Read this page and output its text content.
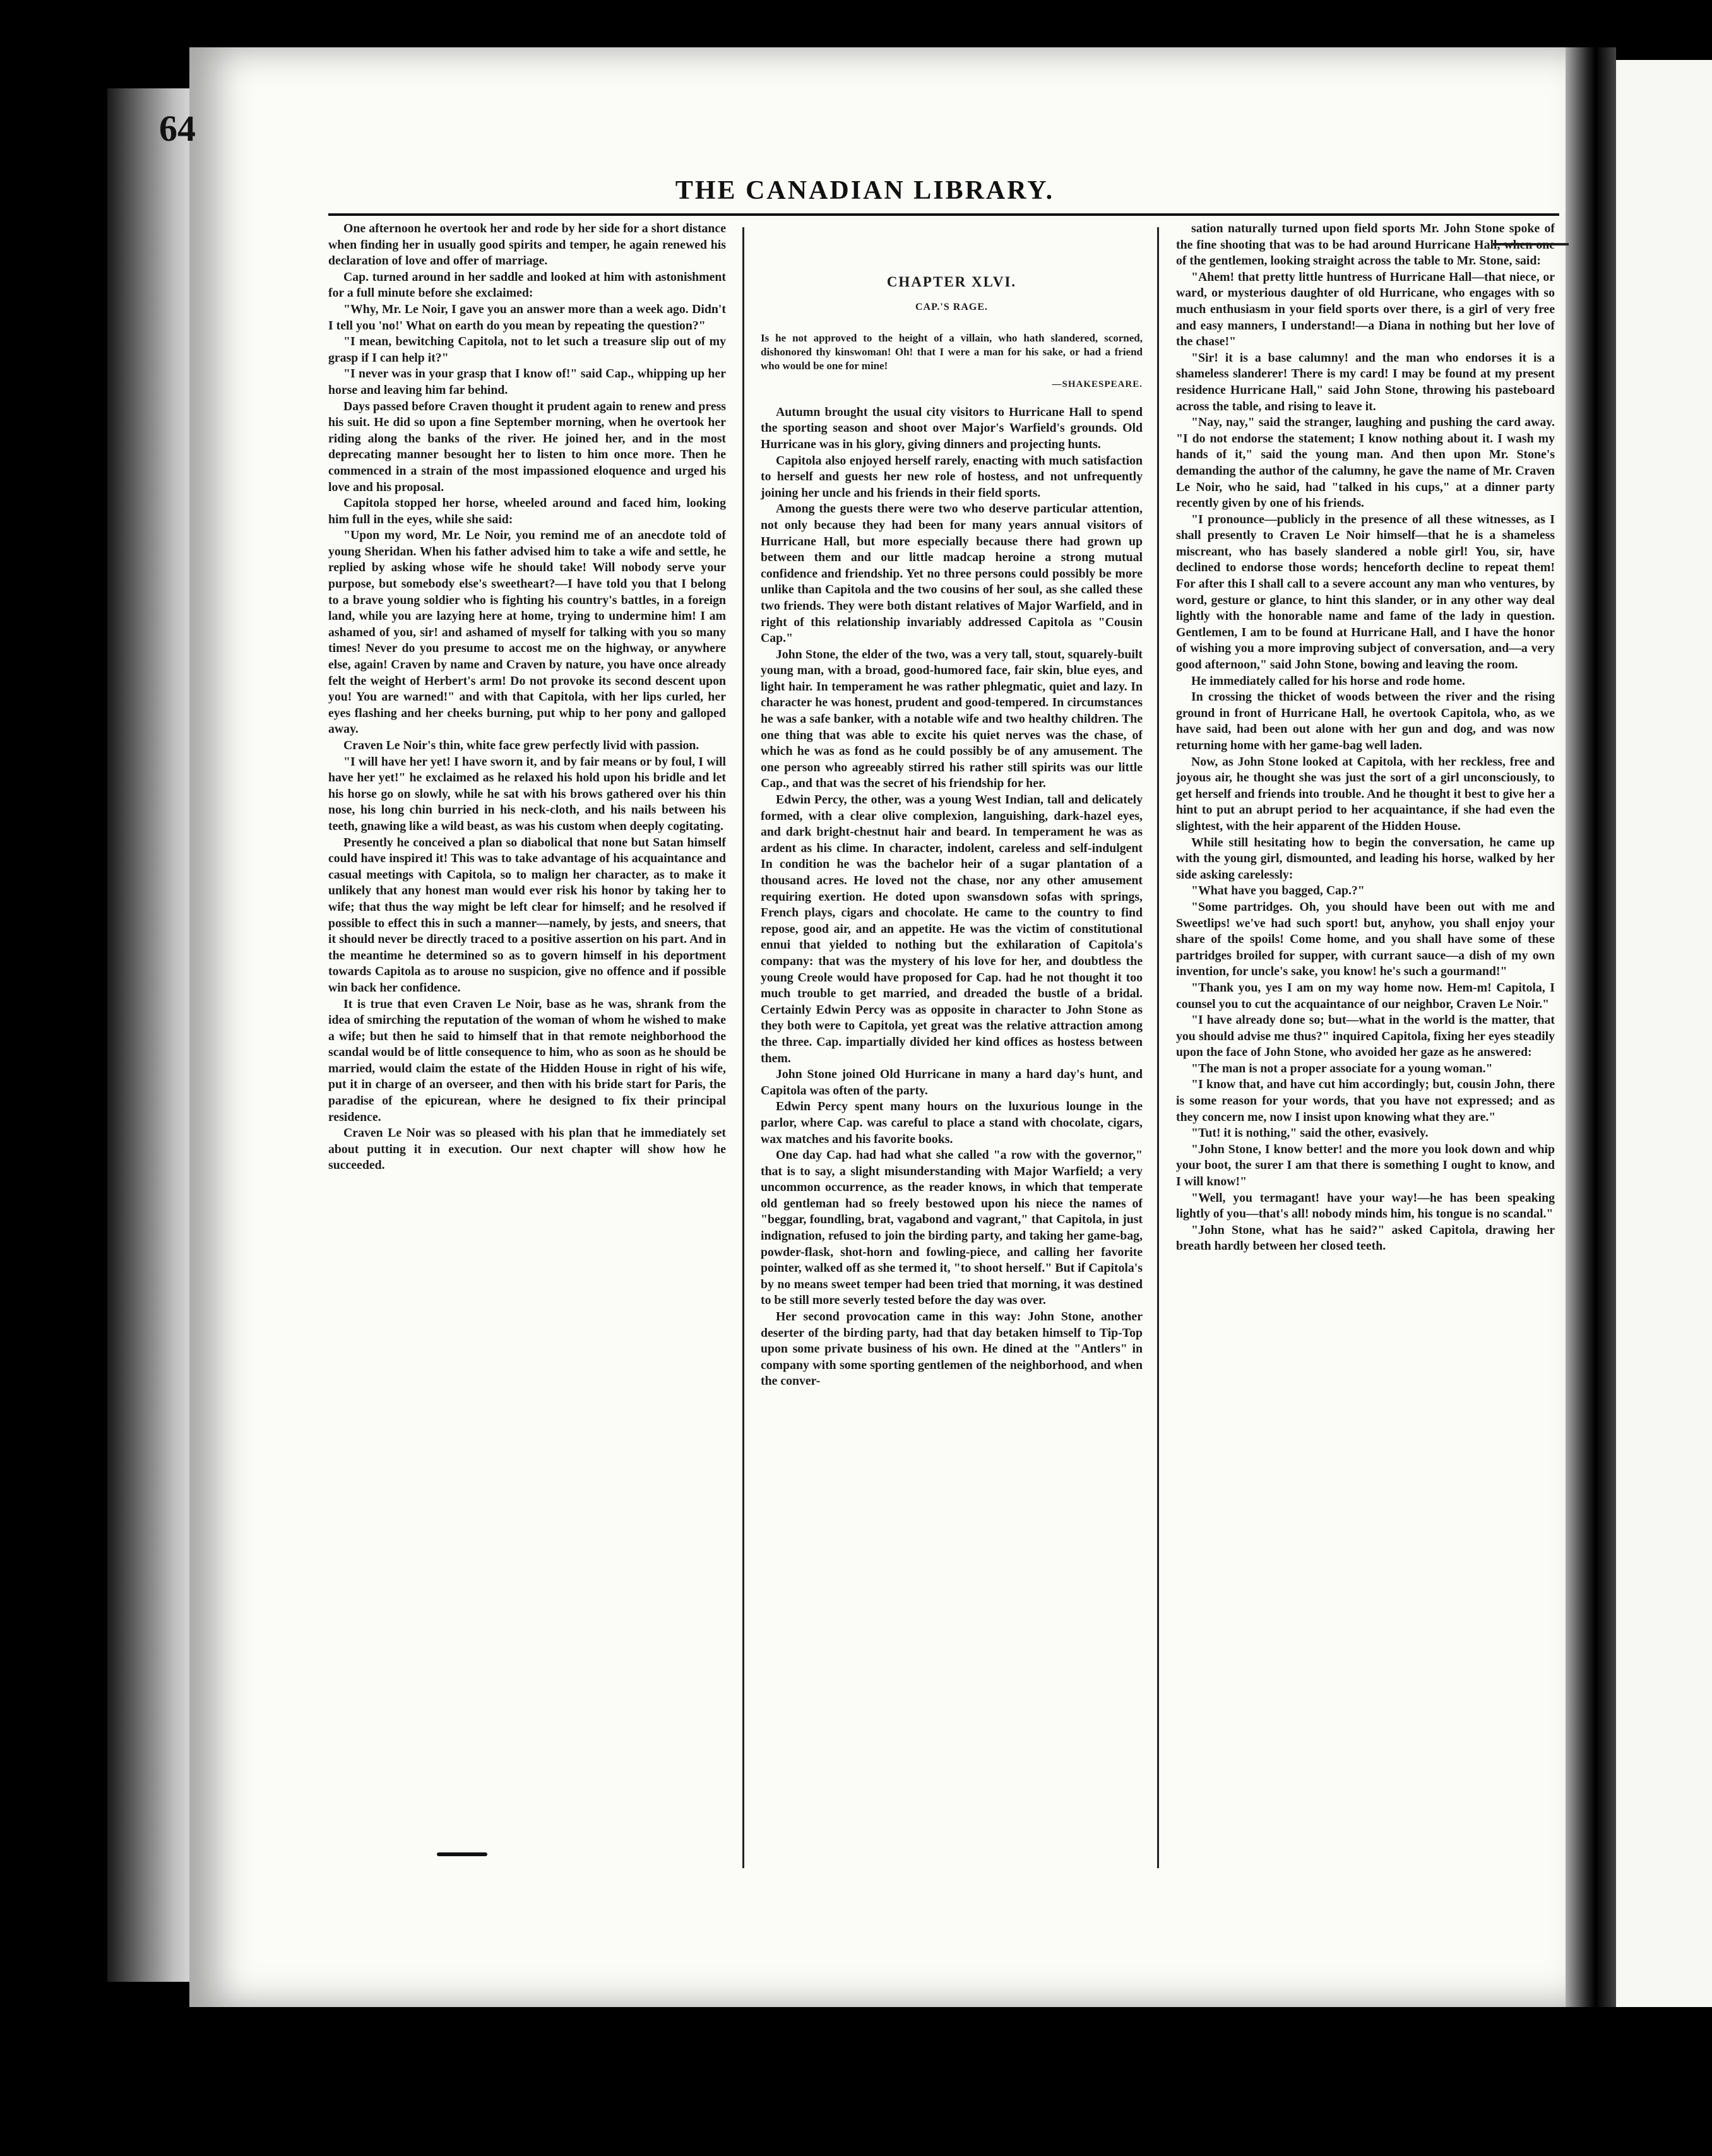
64
THE CANADIAN LIBRARY.

One afternoon he overtook her and rode by her side for a short distance when finding her in usually good spirits and temper, he again renewed his declaration of love and offer of marriage.

Cap. turned around in her saddle and looked at him with astonishment for a full minute before she exclaimed:

"Why, Mr. Le Noir, I gave you an answer more than a week ago. Didn't I tell you 'no!' What on earth do you mean by repeating the question?"

"I mean, bewitching Capitola, not to let such a treasure slip out of my grasp if I can help it?"

"I never was in your grasp that I know of!" said Cap., whipping up her horse and leaving him far behind.

Days passed before Craven thought it prudent again to renew and press his suit. He did so upon a fine September morning, when he overtook her riding along the banks of the river. He joined her, and in the most deprecating manner besought her to listen to him once more. Then he commenced in a strain of the most impassioned eloquence and urged his love and his proposal.

Capitola stopped her horse, wheeled around and faced him, looking him full in the eyes, while she said:

"Upon my word, Mr. Le Noir, you remind me of an anecdote told of young Sheridan. When his father advised him to take a wife and settle, he replied by asking whose wife he should take! Will nobody serve your purpose, but somebody else's sweetheart?—I have told you that I belong to a brave young soldier who is fighting his country's battles, in a foreign land, while you are lazying here at home, trying to undermine him! I am ashamed of you, sir! and ashamed of myself for talking with you so many times! Never do you presume to accost me on the highway, or anywhere else, again! Craven by name and Craven by nature, you have once already felt the weight of Herbert's arm! Do not provoke its second descent upon you! You are warned!" and with that Capitola, with her lips curled, her eyes flashing and her cheeks burning, put whip to her pony and galloped away.

Craven Le Noir's thin, white face grew perfectly livid with passion.

"I will have her yet! I have sworn it, and by fair means or by foul, I will have her yet!" he exclaimed as he relaxed his hold upon his bridle and let his horse go on slowly, while he sat with his brows gathered over his thin nose, his long chin burried in his neck-cloth, and his nails between his teeth, gnawing like a wild beast, as was his custom when deeply cogitating.

Presently he conceived a plan so diabolical that none but Satan himself could have inspired it! This was to take advantage of his acquaintance and casual meetings with Capitola, so to malign her character, as to make it unlikely that any honest man would ever risk his honor by taking her to wife; that thus the way might be left clear for himself; and he resolved if possible to effect this in such a manner—namely, by jests, and sneers, that it should never be directly traced to a positive assertion on his part. And in the meantime he determined so as to govern himself in his deportment towards Capitola as to arouse no suspicion, give no offence and if possible win back her confidence.

It is true that even Craven Le Noir, base as he was, shrank from the idea of smirching the reputation of the woman of whom he wished to make a wife; but then he said to himself that in that remote neighborhood the scandal would be of little consequence to him, who as soon as he should be married, would claim the estate of the Hidden House in right of his wife, put it in charge of an overseer, and then with his bride start for Paris, the paradise of the epicurean, where he designed to fix their principal residence.

Craven Le Noir was so pleased with his plan that he immediately set about putting it in execution. Our next chapter will show how he succeeded.

CHAPTER XLVI.
CAP.'S RAGE.
Is he not approved to the height of a villain, who hath slandered, scorned, dishonored thy kinswoman! Oh! that I were a man for his sake, or had a friend who would be one for mine!
—SHAKESPEARE.

Autumn brought the usual city visitors to Hurricane Hall to spend the sporting season and shoot over Major's Warfield's grounds. Old Hurricane was in his glory, giving dinners and projecting hunts.

Capitola also enjoyed herself rarely, enacting with much satisfaction to herself and guests her new role of hostess, and not unfrequently joining her uncle and his friends in their field sports.

Among the guests there were two who deserve particular attention, not only because they had been for many years annual visitors of Hurricane Hall, but more especially because there had grown up between them and our little madcap heroine a strong mutual confidence and friendship. Yet no three persons could possibly be more unlike than Capitola and the two cousins of her soul, as she called these two friends. They were both distant relatives of Major Warfield, and in right of this relationship invariably addressed Capitola as "Cousin Cap."

John Stone, the elder of the two, was a very tall, stout, squarely-built young man, with a broad, good-humored face, fair skin, blue eyes, and light hair. In temperament he was rather phlegmatic, quiet and lazy. In character he was honest, prudent and good-tempered. In circumstances he was a safe banker, with a notable wife and two healthy children. The one thing that was able to excite his quiet nerves was the chase, of which he was as fond as he could possibly be of any amusement. The one person who agreeably stirred his rather still spirits was our little Cap., and that was the secret of his friendship for her.

Edwin Percy, the other, was a young West Indian, tall and delicately formed, with a clear olive complexion, languishing, dark-hazel eyes, and dark bright-chestnut hair and beard. In temperament he was as ardent as his clime. In character, indolent, careless and self-indulgent In condition he was the bachelor heir of a sugar plantation of a thousand acres. He loved not the chase, nor any other amusement requiring exertion. He doted upon swansdown sofas with springs, French plays, cigars and chocolate. He came to the country to find repose, good air, and an appetite. He was the victim of constitutional ennui that yielded to nothing but the exhilaration of Capitola's company: that was the mystery of his love for her, and doubtless the young Creole would have proposed for Cap. had he not thought it too much trouble to get married, and dreaded the bustle of a bridal. Certainly Edwin Percy was as opposite in character to John Stone as they both were to Capitola, yet great was the relative attraction among the three. Cap. impartially divided her kind offices as hostess between them.

John Stone joined Old Hurricane in many a hard day's hunt, and Capitola was often of the party.

Edwin Percy spent many hours on the luxurious lounge in the parlor, where Cap. was careful to place a stand with chocolate, cigars, wax matches and his favorite books.

One day Cap. had had what she called "a row with the governor," that is to say, a slight misunderstanding with Major Warfield; a very uncommon occurrence, as the reader knows, in which that temperate old gentleman had so freely bestowed upon his niece the names of "beggar, foundling, brat, vagabond and vagrant," that Capitola, in just indignation, refused to join the birding party, and taking her game-bag, powder-flask, shot-horn and fowling-piece, and calling her favorite pointer, walked off as she termed it, "to shoot herself." But if Capitola's by no means sweet temper had been tried that morning, it was destined to be still more severly tested before the day was over.

Her second provocation came in this way: John Stone, another deserter of the birding party, had that day betaken himself to Tip-Top upon some private business of his own. He dined at the "Antlers" in company with some sporting gentlemen of the neighborhood, and when the conver-

sation naturally turned upon field sports Mr. John Stone spoke of the fine shooting that was to be had around Hurricane Hall, when one of the gentlemen, looking straight across the table to Mr. Stone, said:

"Ahem! that pretty little huntress of Hurricane Hall—that niece, or ward, or mysterious daughter of old Hurricane, who engages with so much enthusiasm in your field sports over there, is a girl of very free and easy manners, I understand!—a Diana in nothing but her love of the chase!"

"Sir! it is a base calumny! and the man who endorses it is a shameless slanderer! There is my card! I may be found at my present residence Hurricane Hall," said John Stone, throwing his pasteboard across the table, and rising to leave it.

"Nay, nay," said the stranger, laughing and pushing the card away. "I do not endorse the statement; I know nothing about it. I wash my hands of it," said the young man. And then upon Mr. Stone's demanding the author of the calumny, he gave the name of Mr. Craven Le Noir, who he said, had "talked in his cups," at a dinner party recently given by one of his friends.

"I pronounce—publicly in the presence of all these witnesses, as I shall presently to Craven Le Noir himself—that he is a shameless miscreant, who has basely slandered a noble girl! You, sir, have declined to endorse those words; henceforth decline to repeat them! For after this I shall call to a severe account any man who ventures, by word, gesture or glance, to hint this slander, or in any other way deal lightly with the honorable name and fame of the lady in question. Gentlemen, I am to be found at Hurricane Hall, and I have the honor of wishing you a more improving subject of conversation, and—a very good afternoon," said John Stone, bowing and leaving the room.

He immediately called for his horse and rode home.

In crossing the thicket of woods between the river and the rising ground in front of Hurricane Hall, he overtook Capitola, who, as we have said, had been out alone with her gun and dog, and was now returning home with her game-bag well laden.

Now, as John Stone looked at Capitola, with her reckless, free and joyous air, he thought she was just the sort of a girl unconsciously, to get herself and friends into trouble. And he thought it best to give her a hint to put an abrupt period to her acquaintance, if she had even the slightest, with the heir apparent of the Hidden House.

While still hesitating how to begin the conversation, he came up with the young girl, dismounted, and leading his horse, walked by her side asking carelessly:

"What have you bagged, Cap.?"

"Some partridges. Oh, you should have been out with me and Sweetlips! we've had such sport! but, anyhow, you shall enjoy your share of the spoils! Come home, and you shall have some of these partridges broiled for supper, with currant sauce—a dish of my own invention, for uncle's sake, you know! he's such a gourmand!"

"Thank you, yes I am on my way home now. Hem-m! Capitola, I counsel you to cut the acquaintance of our neighbor, Craven Le Noir."

"I have already done so; but—what in the world is the matter, that you should advise me thus?" inquired Capitola, fixing her eyes steadily upon the face of John Stone, who avoided her gaze as he answered:

"The man is not a proper associate for a young woman."

"I know that, and have cut him accordingly; but, cousin John, there is some reason for your words, that you have not expressed; and as they concern me, now I insist upon knowing what they are."

"Tut! it is nothing," said the other, evasively.

"John Stone, I know better! and the more you look down and whip your boot, the surer I am that there is something I ought to know, and I will know!"

"Well, you termagant! have your way!—he has been speaking lightly of you—that's all! nobody minds him, his tongue is no scandal."

"John Stone, what has he said?" asked Capitola, drawing her breath hardly between her closed teeth.
